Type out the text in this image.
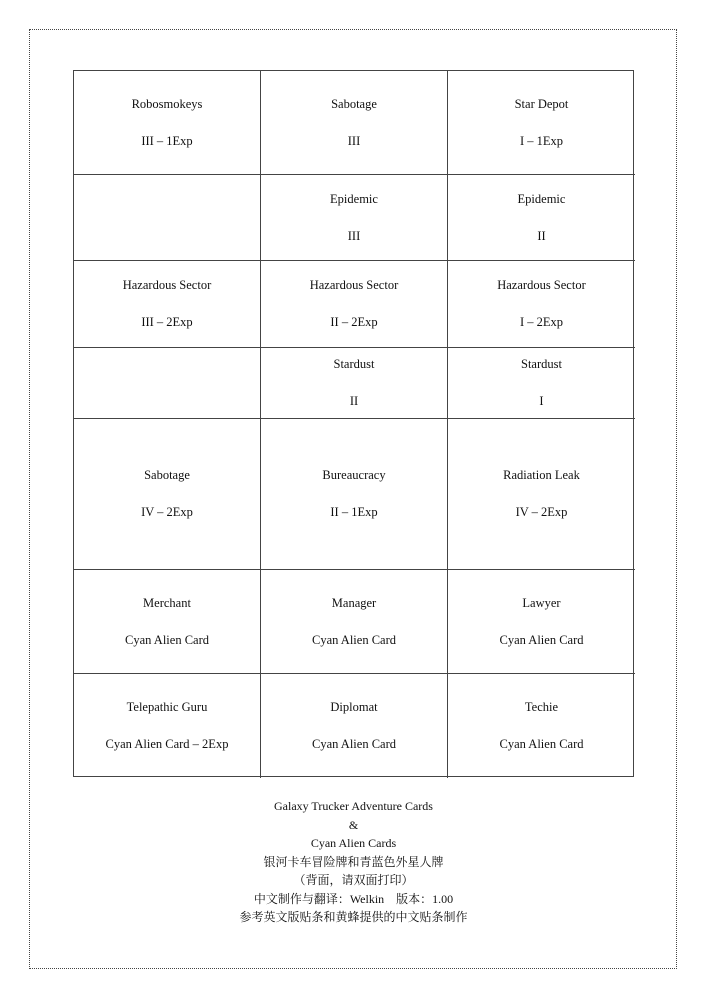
Robosmokeys
III – 1Exp
Sabotage
III
Star Depot
I – 1Exp
Epidemic
III
Epidemic
II
Hazardous Sector
III – 2Exp
Hazardous Sector
II – 2Exp
Hazardous Sector
I – 2Exp
Stardust
II
Stardust
I
Sabotage
IV – 2Exp
Bureaucracy
II – 1Exp
Radiation Leak
IV – 2Exp
Merchant
Cyan Alien Card
Manager
Cyan Alien Card
Lawyer
Cyan Alien Card
Telepathic Guru
Cyan Alien Card – 2Exp
Diplomat
Cyan Alien Card
Techie
Cyan Alien Card
Galaxy Trucker Adventure Cards
&
Cyan Alien Cards
银河卡车冒险牌和青蓝色外星人牌
（背面，请双面打印）
中文制作与翻译：Welkin　版本：1.00
参考英文版贴条和黄蜂提供的中文贴条制作
